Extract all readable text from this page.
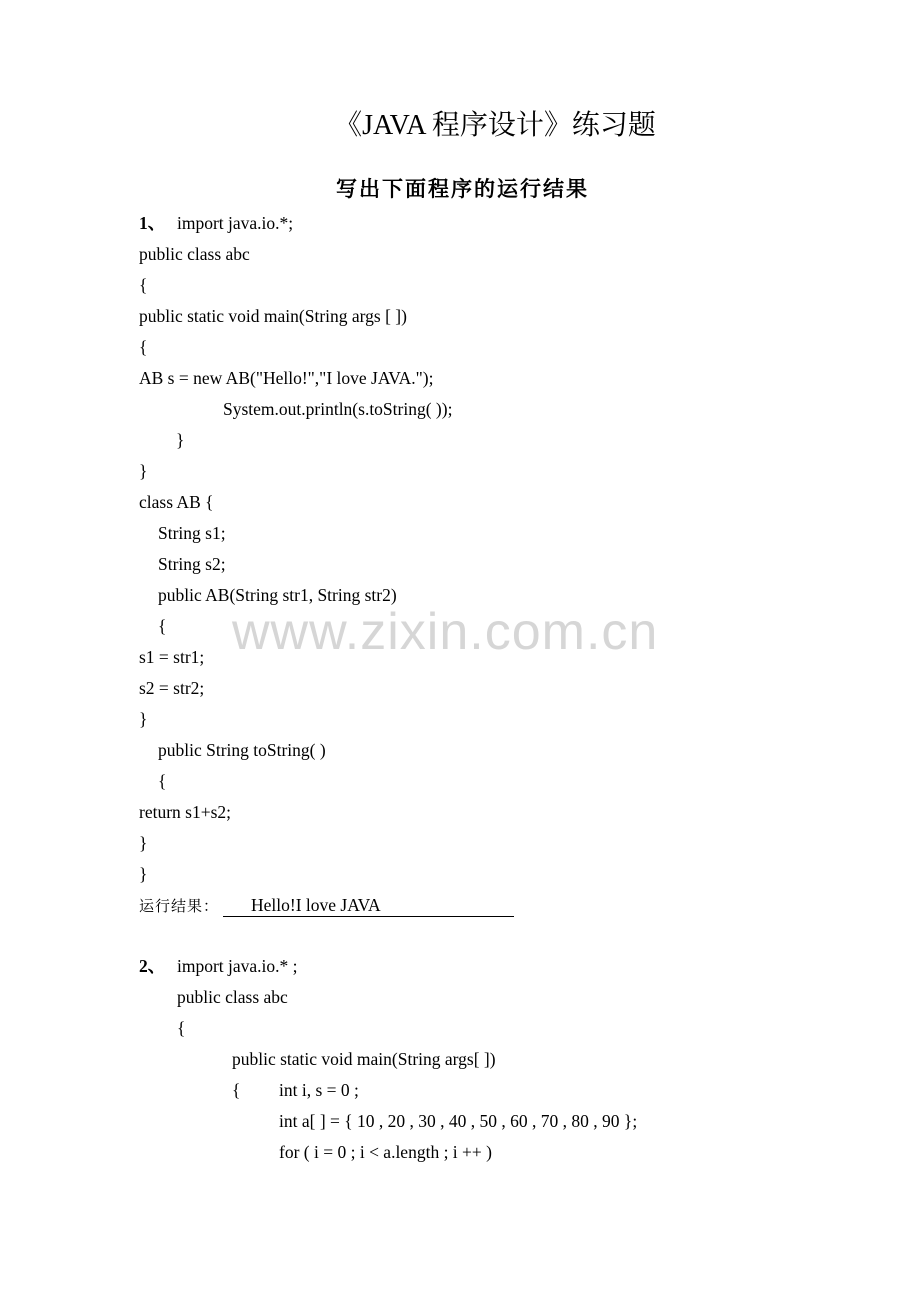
《JAVA 程序设计》练习题
写出下面程序的运行结果
1、 import java.io.*;
public class abc
{
public static void main(String args [ ])
{
AB s = new AB("Hello!","I love JAVA.");
System.out.println(s.toString( ));
}
}
class AB {
String s1;
String s2;
public AB(String str1, String str2)
{
s1 = str1;
s2 = str2;
}
public String toString( )
{
return s1+s2;
}
}
运行结果： Hello!I love JAVA
2、 import java.io.* ;
public class abc
{
public static void main(String args[ ])
{ int i, s = 0 ;
int a[ ] = { 10 , 20 , 30 , 40 , 50 , 60 , 70 , 80 , 90 };
for ( i = 0 ; i < a.length ; i ++ )
www.zixin.com.cn
